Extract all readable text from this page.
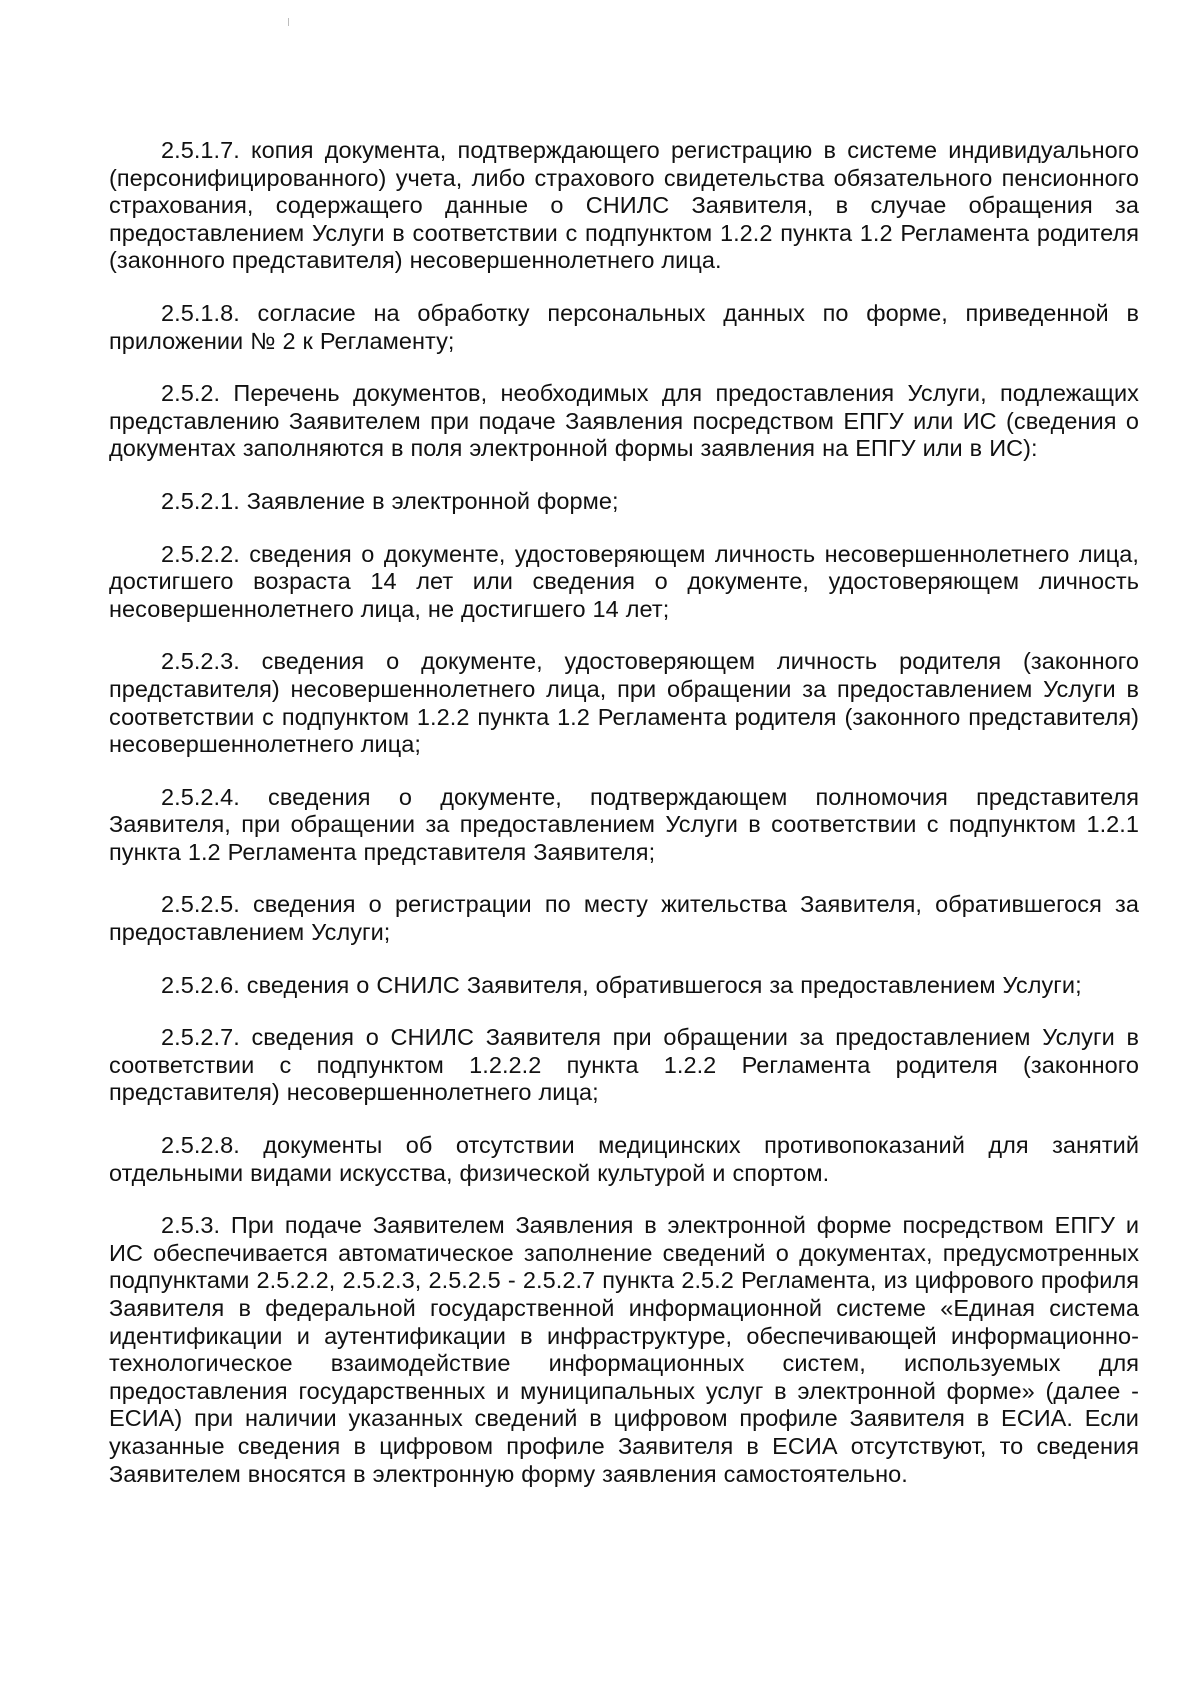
2.5.1.7. копия документа, подтверждающего регистрацию в системе индивидуального (персонифицированного) учета, либо страхового свидетельства обязательного пенсионного страхования, содержащего данные о СНИЛС Заявителя, в случае обращения за предоставлением Услуги в соответствии с подпунктом 1.2.2 пункта 1.2 Регламента родителя (законного представителя) несовершеннолетнего лица.

2.5.1.8. согласие на обработку персональных данных по форме, приведенной в приложении № 2 к Регламенту;

2.5.2. Перечень документов, необходимых для предоставления Услуги, подлежащих представлению Заявителем при подаче Заявления посредством ЕПГУ или ИС (сведения о документах заполняются в поля электронной формы заявления на ЕПГУ или в ИС):

2.5.2.1. Заявление в электронной форме;

2.5.2.2. сведения о документе, удостоверяющем личность несовершеннолетнего лица, достигшего возраста 14 лет или сведения о документе, удостоверяющем личность несовершеннолетнего лица, не достигшего 14 лет;

2.5.2.3. сведения о документе, удостоверяющем личность родителя (законного представителя) несовершеннолетнего лица, при обращении за предоставлением Услуги в соответствии с подпунктом 1.2.2 пункта 1.2 Регламента родителя (законного представителя) несовершеннолетнего лица;

2.5.2.4. сведения о документе, подтверждающем полномочия представителя Заявителя, при обращении за предоставлением Услуги в соответствии с подпунктом 1.2.1 пункта 1.2 Регламента представителя Заявителя;

2.5.2.5. сведения о регистрации по месту жительства Заявителя, обратившегося за предоставлением Услуги;

2.5.2.6. сведения о СНИЛС Заявителя, обратившегося за предоставлением Услуги;

2.5.2.7. сведения о СНИЛС Заявителя при обращении за предоставлением Услуги в соответствии с подпунктом 1.2.2.2 пункта 1.2.2 Регламента родителя (законного представителя) несовершеннолетнего лица;

2.5.2.8. документы об отсутствии медицинских противопоказаний для занятий отдельными видами искусства, физической культурой и спортом.

2.5.3. При подаче Заявителем Заявления в электронной форме посредством ЕПГУ и ИС обеспечивается автоматическое заполнение сведений о документах, предусмотренных подпунктами 2.5.2.2, 2.5.2.3, 2.5.2.5 - 2.5.2.7 пункта 2.5.2 Регламента, из цифрового профиля Заявителя в федеральной государственной информационной системе «Единая система идентификации и аутентификации в инфраструктуре, обеспечивающей информационно-технологическое взаимодействие информационных систем, используемых для предоставления государственных и муниципальных услуг в электронной форме» (далее - ЕСИА) при наличии указанных сведений в цифровом профиле Заявителя в ЕСИА. Если указанные сведения в цифровом профиле Заявителя в ЕСИА отсутствуют, то сведения Заявителем вносятся в электронную форму заявления самостоятельно.
